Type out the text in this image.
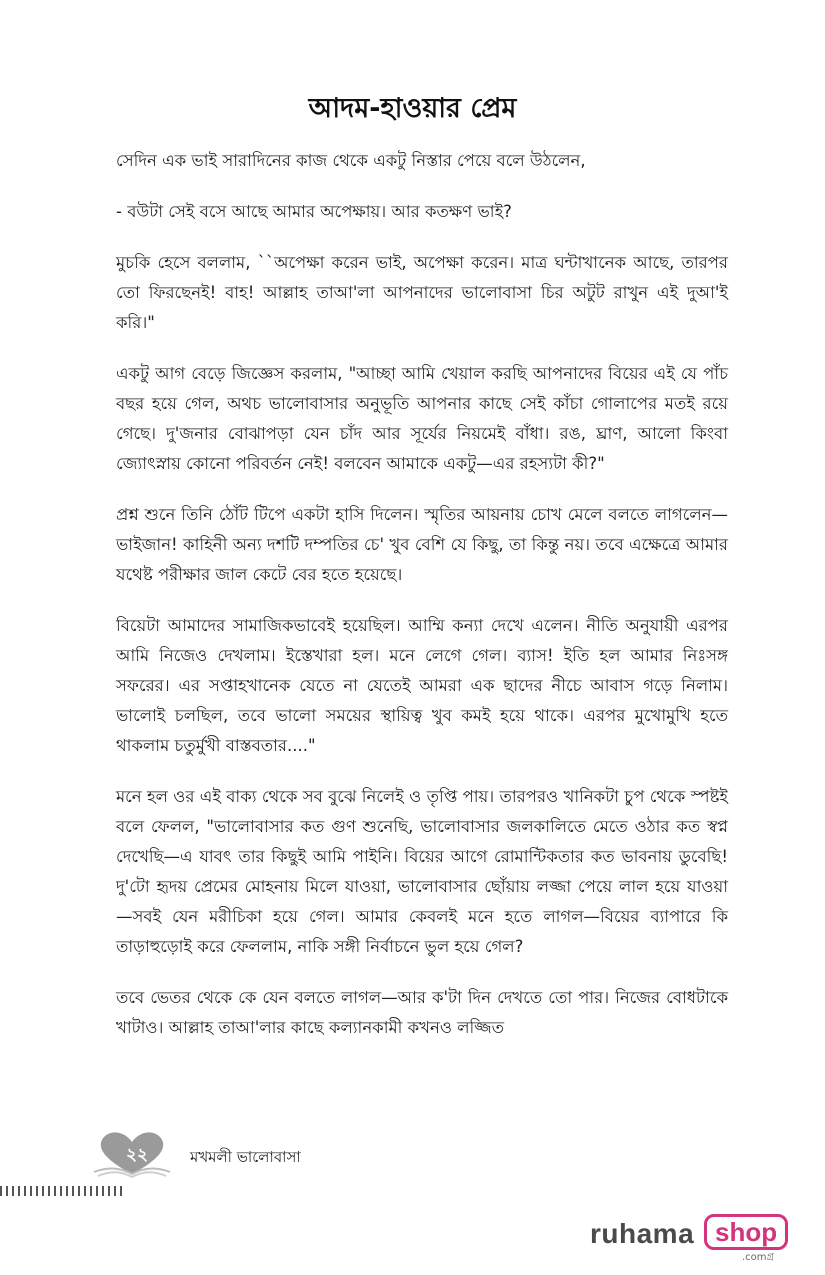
আদম-হাওয়ার প্রেম

সেদিন এক ভাই সারাদিনের কাজ থেকে একটু নিস্তার পেয়ে বলে উঠলেন,

- বউটা সেই বসে আছে আমার অপেক্ষায়। আর কতক্ষণ ভাই?

মুচকি হেসে বললাম, ``অপেক্ষা করেন ভাই, অপেক্ষা করেন। মাত্র ঘন্টাখানেক আছে, তারপর তো ফিরছেনই! বাহ! আল্লাহ তাআ'লা আপনাদের ভালোবাসা চির অটুট রাখুন এই দুআ'ই করি।"

একটু আগ বেড়ে জিজ্ঞেস করলাম, "আচ্ছা আমি খেয়াল করছি আপনাদের বিয়ের এই যে পাঁচ বছর হয়ে গেল, অথচ ভালোবাসার অনুভূতি আপনার কাছে সেই কাঁচা গোলাপের মতই রয়ে গেছে। দু'জনার বোঝাপড়া যেন চাঁদ আর সূর্যের নিয়মেই বাঁধা। রঙ, ঘ্রাণ, আলো কিংবা জ্যোৎস্নায় কোনো পরিবর্তন নেই! বলবেন আমাকে একটু—এর রহস্যটা কী?"

প্রশ্ন শুনে তিনি ঠোঁট টিপে একটা হাসি দিলেন। স্মৃতির আয়নায় চোখ মেলে বলতে লাগলেন—ভাইজান! কাহিনী অন্য দশটি দম্পতির চে' খুব বেশি যে কিছু, তা কিন্তু নয়। তবে এক্ষেত্রে আমার যথেষ্ট পরীক্ষার জাল কেটে বের হতে হয়েছে।

বিয়েটা আমাদের সামাজিকভাবেই হয়েছিল। আম্মি কন্যা দেখে এলেন। নীতি অনুযায়ী এরপর আমি নিজেও দেখলাম। ইস্তেখারা হল। মনে লেগে গেল। ব্যাস! ইতি হল আমার নিঃসঙ্গ সফরের। এর সপ্তাহখানেক যেতে না যেতেই আমরা এক ছাদের নীচে আবাস গড়ে নিলাম। ভালোই চলছিল, তবে ভালো সময়ের স্থায়িত্ব খুব কমই হয়ে থাকে। এরপর মুখোমুখি হতে থাকলাম চতুর্মুখী বাস্তবতার...."

মনে হল ওর এই বাক্য থেকে সব বুঝে নিলেই ও তৃপ্তি পায়। তারপরও খানিকটা চুপ থেকে স্পষ্টই বলে ফেলল, "ভালোবাসার কত গুণ শুনেছি, ভালোবাসার জলকালিতে মেতে ওঠার কত স্বপ্ন দেখেছি—এ যাবৎ তার কিছুই আমি পাইনি। বিয়ের আগে রোমান্টিকতার কত ভাবনায় ডুবেছি! দু'টো হৃদয় প্রেমের মোহনায় মিলে যাওয়া, ভালোবাসার ছোঁয়ায় লজ্জা পেয়ে লাল হয়ে যাওয়া —সবই যেন মরীচিকা হয়ে গেল। আমার কেবলই মনে হতে লাগল—বিয়ের ব্যাপারে কি তাড়াহুড়োই করে ফেললাম, নাকি সঙ্গী নির্বাচনে ভুল হয়ে গেল?

তবে ভেতর থেকে কে যেন বলতে লাগল—আর ক'টা দিন দেখতে তো পার। নিজের বোধটাকে খাটাও। আল্লাহ তাআ'লার কাছে কল্যানকামী কখনও লজ্জিত

২২	মখমলী ভালোবাসা
ruhama shop
.comগ্র
